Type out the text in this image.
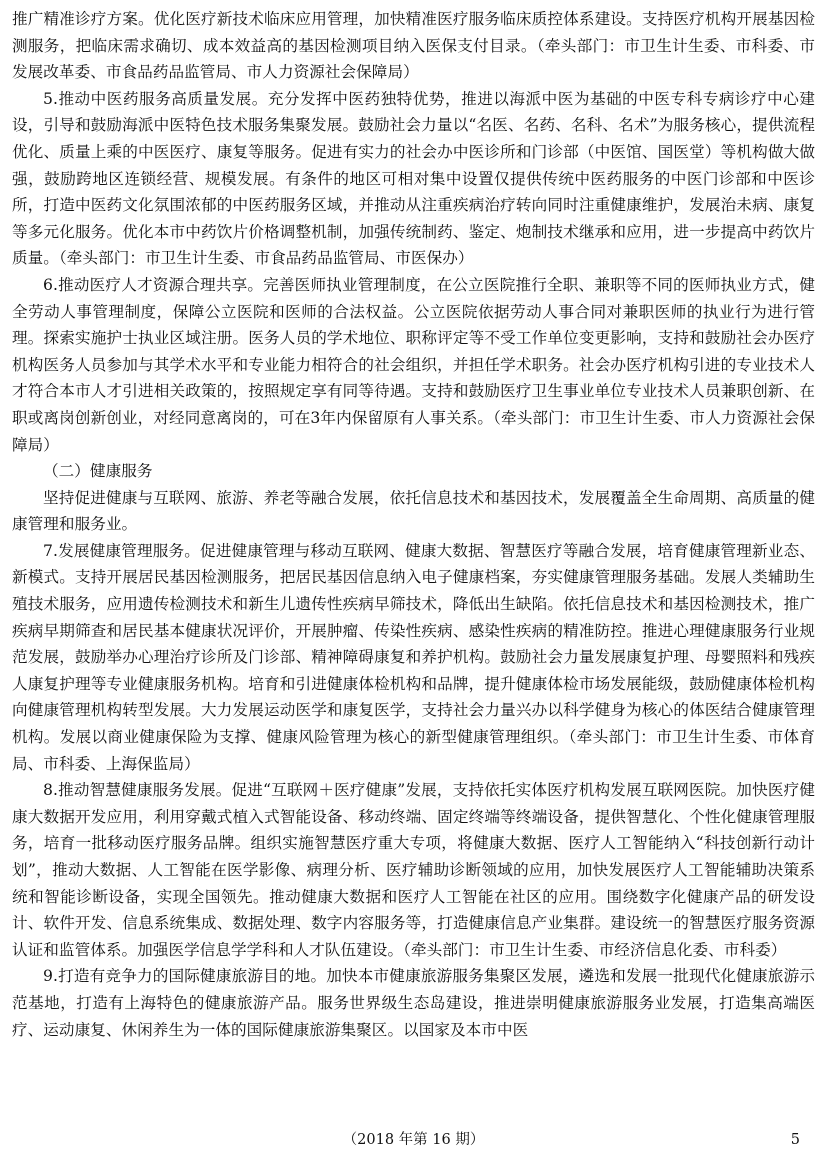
推广精准诊疗方案。优化医疗新技术临床应用管理，加快精准医疗服务临床质控体系建设。支持医疗机构开展基因检测服务，把临床需求确切、成本效益高的基因检测项目纳入医保支付目录。（牵头部门：市卫生计生委、市科委、市发展改革委、市食品药品监管局、市人力资源社会保障局）

5.推动中医药服务高质量发展。充分发挥中医药独特优势，推进以海派中医为基础的中医专科专病诊疗中心建设，引导和鼓励海派中医特色技术服务集聚发展。鼓励社会力量以“名医、名药、名科、名术”为服务核心，提供流程优化、质量上乘的中医医疗、康复等服务。促进有实力的社会办中医诊所和门诊部（中医馆、国医堂）等机构做大做强，鼓励跨地区连锁经营、规模发展。有条件的地区可相对集中设置仅提供传统中医药服务的中医门诊部和中医诊所，打造中医药文化氛围浓郁的中医药服务区域，并推动从注重疾病治疗转向同时注重健康维护，发展治未病、康复等多元化服务。优化本市中药饮片价格调整机制，加强传统制药、鉴定、炮制技术继承和应用，进一步提高中药饮片质量。（牵头部门：市卫生计生委、市食品药品监管局、市医保办）

6.推动医疗人才资源合理共享。完善医师执业管理制度，在公立医院推行全职、兼职等不同的医师执业方式，健全劳动人事管理制度，保障公立医院和医师的合法权益。公立医院依据劳动人事合同对兼职医师的执业行为进行管理。探索实施护士执业区域注册。医务人员的学术地位、职称评定等不受工作单位变更影响，支持和鼓励社会办医疗机构医务人员参加与其学术水平和专业能力相符合的社会组织，并担任学术职务。社会办医疗机构引进的专业技术人才符合本市人才引进相关政策的，按照规定享有同等待遇。支持和鼓励医疗卫生事业单位专业技术人员兼职创新、在职或离岗创新创业，对经同意离岗的，可在3年内保留原有人事关系。（牵头部门：市卫生计生委、市人力资源社会保障局）

（二）健康服务

坚持促进健康与互联网、旅游、养老等融合发展，依托信息技术和基因技术，发展覆盖全生命周期、高质量的健康管理和服务业。

7.发展健康管理服务。促进健康管理与移动互联网、健康大数据、智慧医疗等融合发展，培育健康管理新业态、新模式。支持开展居民基因检测服务，把居民基因信息纳入电子健康档案，夯实健康管理服务基础。发展人类辅助生殖技术服务，应用遗传检测技术和新生儿遗传性疾病早筛技术，降低出生缺陷。依托信息技术和基因检测技术，推广疾病早期筛查和居民基本健康状况评价，开展肿瘤、传染性疾病、感染性疾病的精准防控。推进心理健康服务行业规范发展，鼓励举办心理治疗诊所及门诊部、精神障碍康复和养护机构。鼓励社会力量发展康复护理、母婴照料和残疾人康复护理等专业健康服务机构。培育和引进健康体检机构和品牌，提升健康体检市场发展能级，鼓励健康体检机构向健康管理机构转型发展。大力发展运动医学和康复医学，支持社会力量兴办以科学健身为核心的体医结合健康管理机构。发展以商业健康保险为支撑、健康风险管理为核心的新型健康管理组织。（牵头部门：市卫生计生委、市体育局、市科委、上海保监局）

8.推动智慧健康服务发展。促进“互联网＋医疗健康”发展，支持依托实体医疗机构发展互联网医院。加快医疗健康大数据开发应用，利用穿戴式植入式智能设备、移动终端、固定终端等终端设备，提供智慧化、个性化健康管理服务，培育一批移动医疗服务品牌。组织实施智慧医疗重大专项，将健康大数据、医疗人工智能纳入“科技创新行动计划”，推动大数据、人工智能在医学影像、病理分析、医疗辅助诊断领域的应用，加快发展医疗人工智能辅助决策系统和智能诊断设备，实现全国领先。推动健康大数据和医疗人工智能在社区的应用。围绕数字化健康产品的研发设计、软件开发、信息系统集成、数据处理、数字内容服务等，打造健康信息产业集群。建设统一的智慧医疗服务资源认证和监管体系。加强医学信息学学科和人才队伍建设。（牵头部门：市卫生计生委、市经济信息化委、市科委）

9.打造有竞争力的国际健康旅游目的地。加快本市健康旅游服务集聚区发展，遴选和发展一批现代化健康旅游示范基地，打造有上海特色的健康旅游产品。服务世界级生态岛建设，推进崇明健康旅游服务业发展，打造集高端医疗、运动康复、休闲养生为一体的国际健康旅游集聚区。以国家及本市中医

（2018 年第 16 期）	5
